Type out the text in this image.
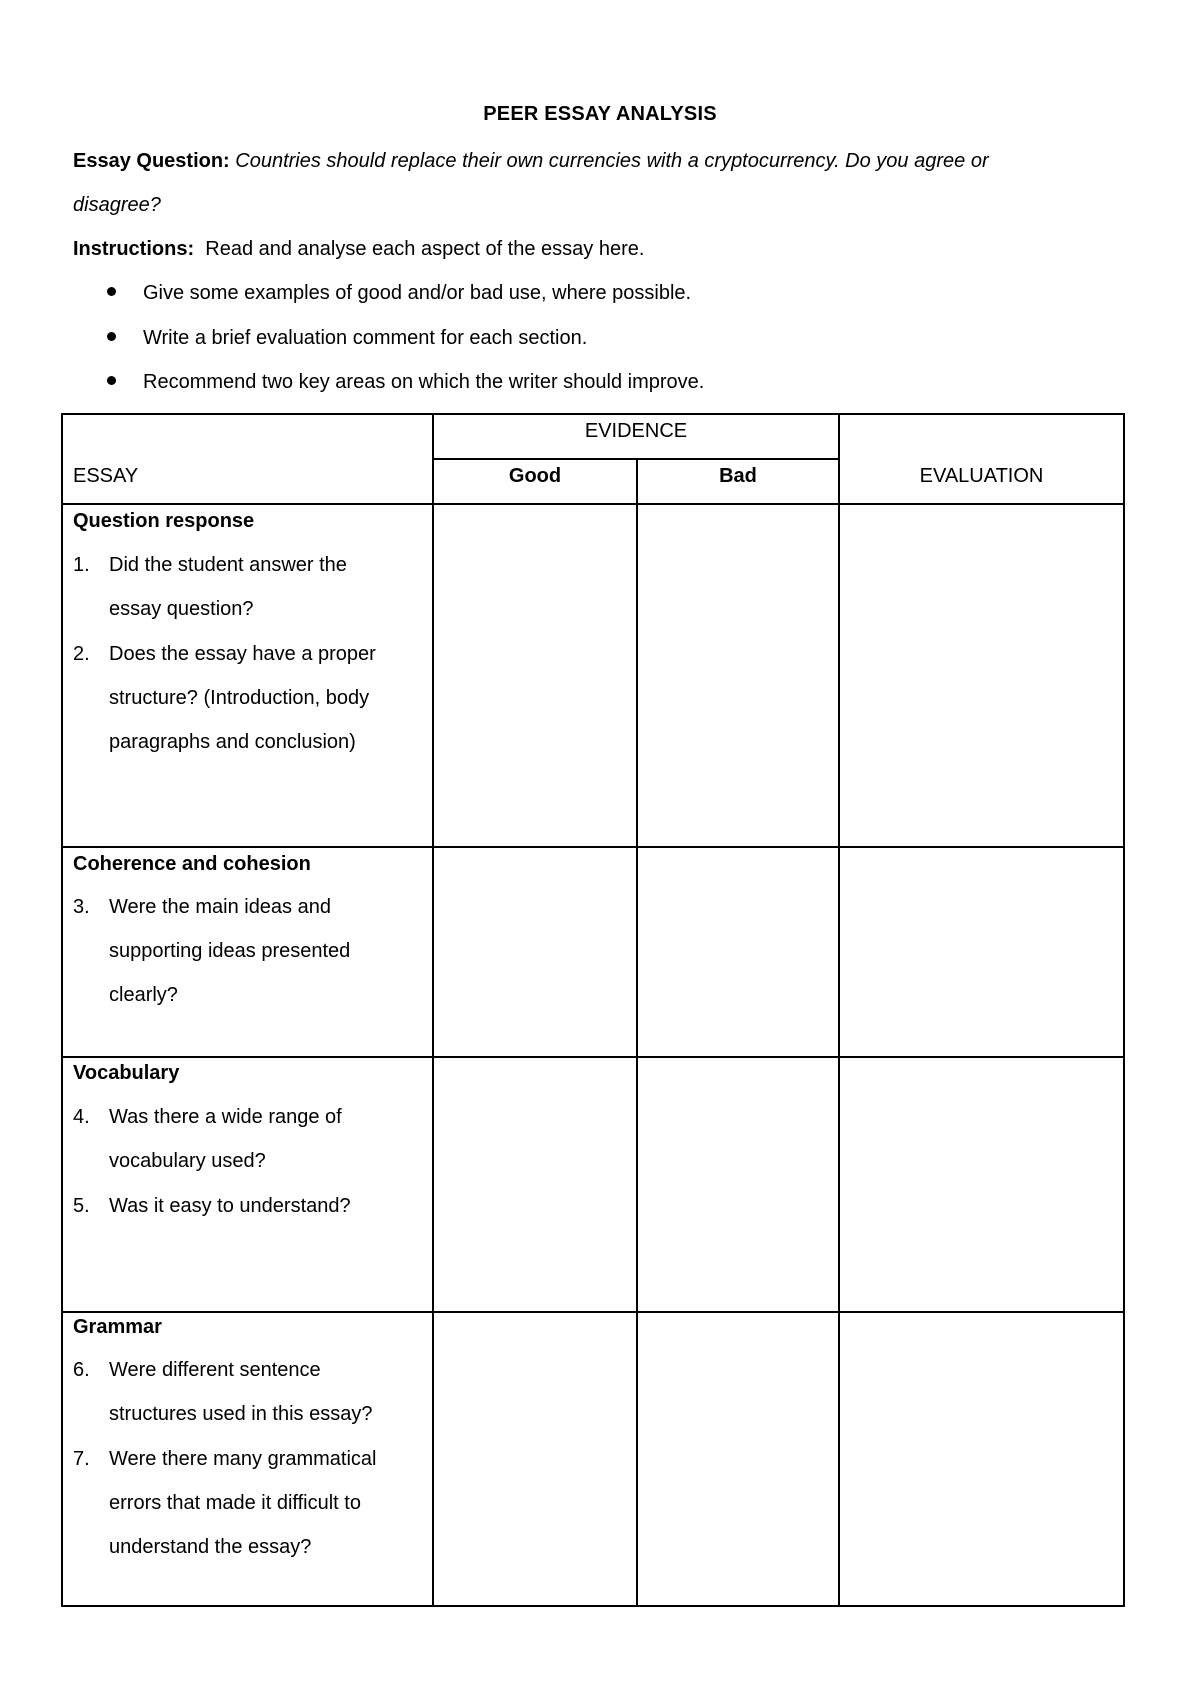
PEER ESSAY ANALYSIS
Essay Question: Countries should replace their own currencies with a cryptocurrency. Do you agree or
disagree?
Instructions: Read and analyse each aspect of the essay here.
Give some examples of good and/or bad use, where possible.
Write a brief evaluation comment for each section.
Recommend two key areas on which the writer should improve.
ESSAY
EVIDENCE
Good	Bad	EVALUATION
Question response
1. Did the student answer the
essay question?
2. Does the essay have a proper
structure? (Introduction, body
paragraphs and conclusion)
Coherence and cohesion
3. Were the main ideas and
supporting ideas presented
clearly?
Vocabulary
4. Was there a wide range of
vocabulary used?
5. Was it easy to understand?
Grammar
6. Were different sentence
structures used in this essay?
7. Were there many grammatical
errors that made it difficult to
understand the essay?
